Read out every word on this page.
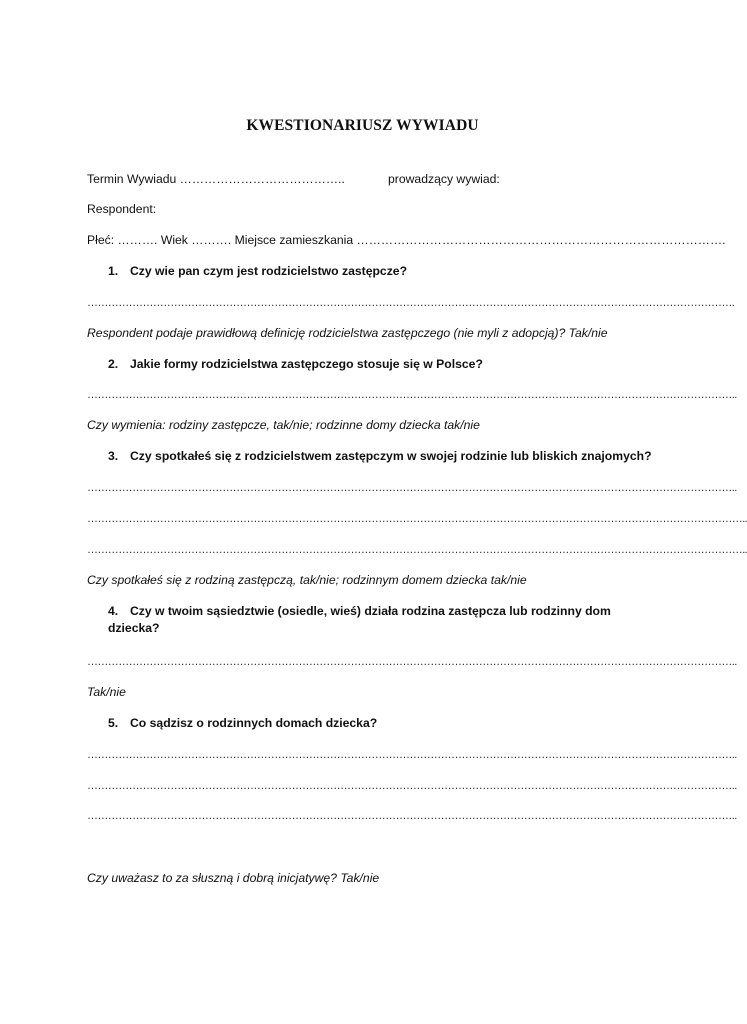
KWESTIONARIUSZ WYWIADU
Termin Wywiadu …………………………………..	prowadzący wywiad:
Respondent:
Płeć: ………. Wiek ………. Miejsce zamieszkania ……………………………………………………………………………….
1. Czy wie pan czym jest rodzicielstwo zastępcze?
…………………………………………………………………………………………………………………………………………………………………….
Respondent podaje prawidłową definicję rodzicielstwa zastępczego (nie myli z adopcją)? Tak/nie
2. Jakie formy rodzicielstwa zastępczego stosuje się w Polsce?
……………………………………………………………………………………………………………………………………………………………………..
Czy wymienia: rodziny zastępcze, tak/nie; rodzinne domy dziecka tak/nie
3. Czy spotkałeś się z rodzicielstwem zastępczym w swojej rodzinie lub bliskich znajomych?
……………………………………………………………………………………………………………………………………………………………………..
………………………………………………………………………………………………………………………………………………………………………..
………………………………………………………………………………………………………………………………………………………………………..
Czy spotkałeś się z rodziną zastępczą, tak/nie; rodzinnym domem dziecka tak/nie
4. Czy w twoim sąsiedztwie (osiedle, wieś) działa rodzina zastępcza lub rodzinny dom dziecka?
……………………………………………………………………………………………………………………………………………………………………..
Tak/nie
5. Co sądzisz o rodzinnych domach dziecka?
……………………………………………………………………………………………………………………………………………………………………..
……………………………………………………………………………………………………………………………………………………………………..
……………………………………………………………………………………………………………………………………………………………………..
Czy uważasz to za słuszną i dobrą inicjatywę? Tak/nie
